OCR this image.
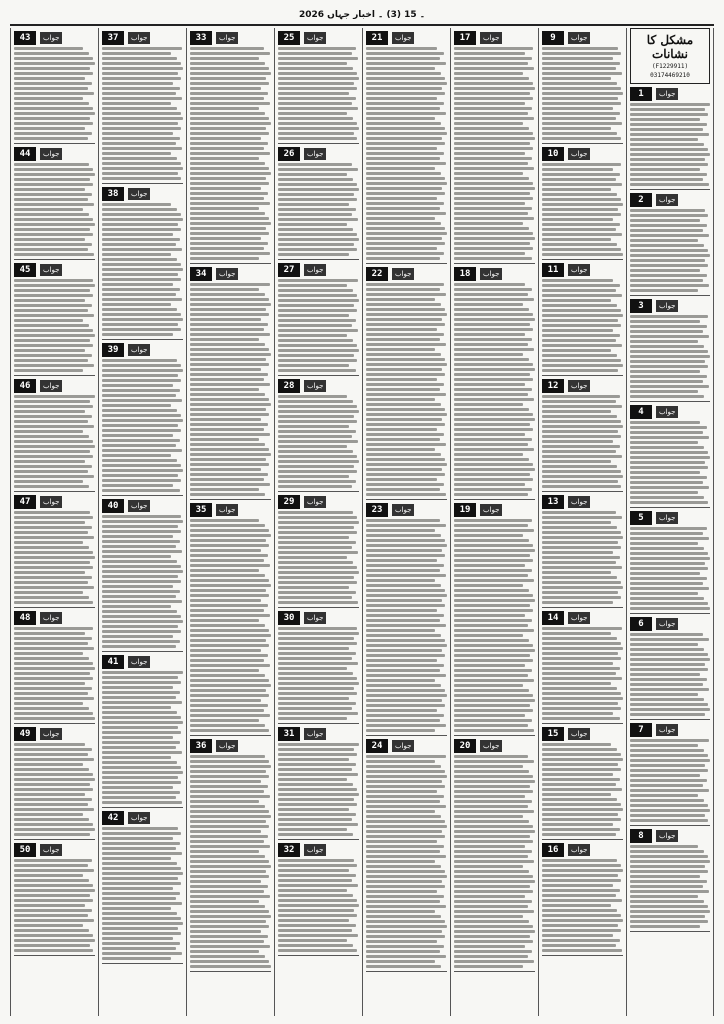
2026 ۔ 15 (3) ۔ اخبار جہاں
مشکل کا نشانات
(F1229911)
03174469210
1	جواب
2	جواب
3	جواب
4	جواب
5	جواب
6	جواب
7	جواب
8	جواب
9	جواب
10	جواب
11	جواب
12	جواب
13	جواب
14	جواب
15	جواب
16	جواب
17	جواب
18	جواب
19	جواب
20	جواب
21	جواب
22	جواب
23	جواب
24	جواب
25	جواب
26	جواب
27	جواب
28	جواب
29	جواب
30	جواب
31	جواب
32	جواب
33	جواب
34	جواب
35	جواب
36	جواب
37	جواب
38	جواب
39	جواب
40	جواب
41	جواب
42	جواب
43	جواب
44	جواب
45	جواب
46	جواب
47	جواب
48	جواب
49	جواب
50	جواب
